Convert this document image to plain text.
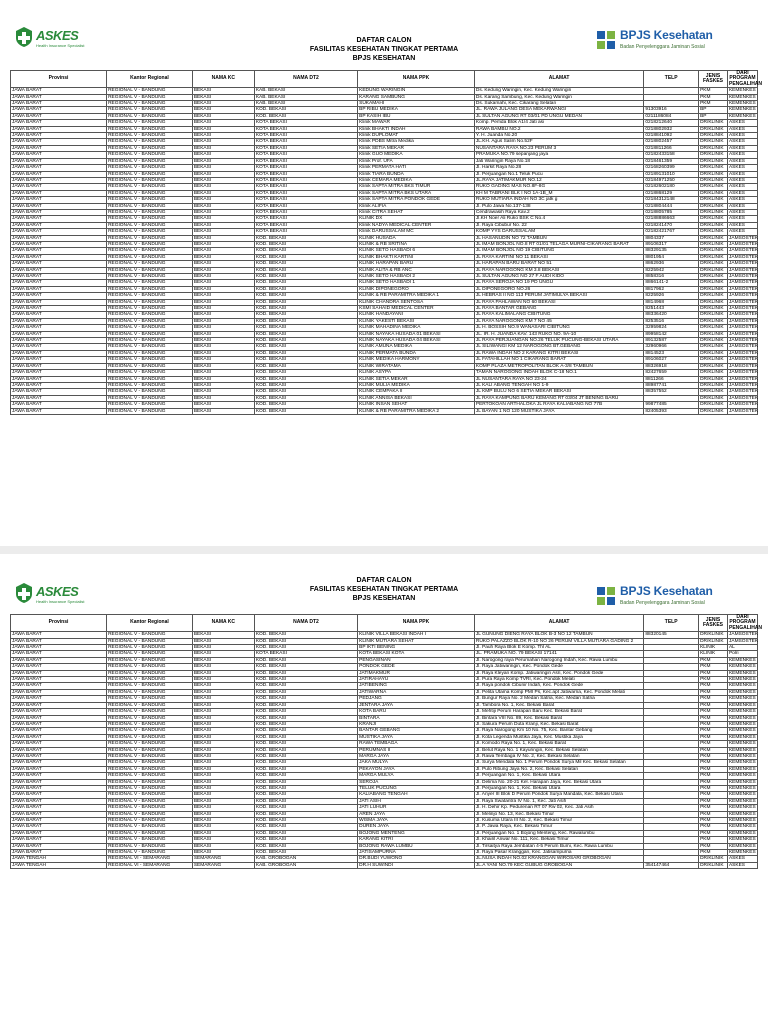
ASKES
Health Insurance Specialist
BPJS Kesehatan
Badan Penyelenggara Jaminan Sosial
DAFTAR CALON
FASILITAS KESEHATAN TINGKAT PERTAMA
BPJS KESEHATAN
Provinsi	Kantor Regional	NAMA KC	NAMA DT2	NAMA PPK	ALAMAT	TELP	JENIS FASKES	DARI PROGRAM PENGALIHAN
JAWA BARAT	REGIONAL V - BANDUNG	BEKASI	KAB. BEKASI	KEDUNG WARINGIN	Ds. Kedung Waringin, Kec. Kedung Waringin		PKM	KEMENKES
JAWA BARAT	REGIONAL V - BANDUNG	BEKASI	KAB. BEKASI	KARANG SAMBUNG	Ds. Karang Sambung, Kec. Kedung Waringin		PKM	KEMENKES
JAWA BARAT	REGIONAL V - BANDUNG	BEKASI	KAB. BEKASI	SUKAMAHI	Ds. Sukamahi, Kec. Cikarang Selatan		PKM	KEMENKES
JAWA BARAT	REGIONAL V - BANDUNG	BEKASI	KOD. BEKASI	BP RIBU MEDIKA	JL. RAWA JULANG DESA MEKARWANGI	91303916	BP	KEMENKES
JAWA BARAT	REGIONAL V - BANDUNG	BEKASI	KOD. BEKASI	BP KASIH IBU	JL SULTAN AGUNG RT 03/01 PD UNGU MEDAN	0211186084	BP	KEMENKES
JAWA BARAT	REGIONAL V - BANDUNG	BEKASI	KOTA BEKASI	Klinik MAWAR	Komp. Pemda Blok A1/4 Jati asi	0218212640	DR/KLINIK	ASKES
JAWA BARAT	REGIONAL V - BANDUNG	BEKASI	KOTA BEKASI	Klinik BHAKTI INDAH	RAWA BAMBU NO.2	0218802932	DR/KLINIK	ASKES
JAWA BARAT	REGIONAL V - BANDUNG	BEKASI	KOTA BEKASI	Klinik DUPLOMAT	Y. H. Juanda No.20	0218841092	DR/KLINIK	ASKES
JAWA BARAT	REGIONAL V - BANDUNG	BEKASI	KOTA BEKASI	Klinik PDBS Mitra Medika	JL.KH. Agus Salim No.52F	0218802457	DR/KLINIK	ASKES
JAWA BARAT	REGIONAL V - BANDUNG	BEKASI	KOTA BEKASI	Klinik SETIA MEKAR	NUSANTARA RAYA NO.23 PERUM 3	0218811266	DR/KLINIK	ASKES
JAWA BARAT	REGIONAL V - BANDUNG	BEKASI	KOTA BEKASI	Klinik GUO MEDIKA	PRAMUKA NO.79 sepanjang jaya	02182433158	DR/KLINIK	ASKES
JAWA BARAT	REGIONAL V - BANDUNG	BEKASI	KOTA BEKASI	Klinik Prof. UFA	Jati Waringin Raya No.18	0218461359	DR/KLINIK	ASKES
JAWA BARAT	REGIONAL V - BANDUNG	BEKASI	KOTA BEKASI	Klinik PERMATA HATI	Jl. Harkit Raya No.28	02168260399	DR/KLINIK	ASKES
JAWA BARAT	REGIONAL V - BANDUNG	BEKASI	KOTA BEKASI	Klinik TIARA BUNDA	Jl. Perjuangan No.1 Teluk Pucu	02189131010	DR/KLINIK	ASKES
JAWA BARAT	REGIONAL V - BANDUNG	BEKASI	KOTA BEKASI	Klinik CEMARA MEDIKA	JL.RAYA JATIMAKMUR NO.12	02184971250	DR/KLINIK	ASKES
JAWA BARAT	REGIONAL V - BANDUNG	BEKASI	KOTA BEKASI	Klinik SAPTA MITRA BKS TIMUR	RUKO GADING MAS NO.8F-8G	02182602180	DR/KLINIK	ASKES
JAWA BARAT	REGIONAL V - BANDUNG	BEKASI	KOTA BEKASI	Klinik SAPTA MITRA BKS UTARA	KH M TABRANI BLK I NO 1A-1B_M	0218868129	DR/KLINIK	ASKES
JAWA BARAT	REGIONAL V - BANDUNG	BEKASI	KOTA BEKASI	Klinik SAPTA MITRA PONDOK GEDE	RUKO MUTIARA INDAH NO 3C jatk g	02184312148	DR/KLINIK	ASKES
JAWA BARAT	REGIONAL V - BANDUNG	BEKASI	KOTA BEKASI	Klinik ALIFIA	Jl. Pulo Jawa No.137-138	0218804444	DR/KLINIK	ASKES
JAWA BARAT	REGIONAL V - BANDUNG	BEKASI	KOTA BEKASI	Klinik CITRA SEHAT	Cendrawasih Raya Kav.2	0218805785	DR/KLINIK	ASKES
JAWA BARAT	REGIONAL V - BANDUNG	BEKASI	KOTA BEKASI	KLINIK DX	Jl.KH Noer Ali Ruko BSK C No.4	02188886663	DR/KLINIK	ASKES
JAWA BARAT	REGIONAL V - BANDUNG	BEKASI	KOTA BEKASI	Klinik NADYA MEDICAL CENTER	Jl. Raya Cibubur No. 22	0218241470	DR/KLINIK	ASKES
JAWA BARAT	REGIONAL V - BANDUNG	BEKASI	KOTA BEKASI	Klinik DARUSSALAM MC	KOMP YYS DARUSSALAM	02182421767	DR/KLINIK	ASKES
JAWA BARAT	REGIONAL V - BANDUNG	BEKASI	KOD. BEKASI	KLINIK HUSADA	JL HASANUDIN NO 72 TAMBUN	8804337	DR/KLINIK	JAMSOSTEK
JAWA BARAT	REGIONAL V - BANDUNG	BEKASI	KOD. BEKASI	KLINIK & RB SRITINA	JL IMAM BONJOL NO.8 RT 01/01 TELAGA MURNI-CIKARANG BARAT	89106317	DR/KLINIK	JAMSOSTEK
JAWA BARAT	REGIONAL V - BANDUNG	BEKASI	KOD. BEKASI	KLINIK SETO HASBADI 6	JL IMAM BONJOL NO 19 CIBITUNG	88329135	DR/KLINIK	JAMSOSTEK
JAWA BARAT	REGIONAL V - BANDUNG	BEKASI	KOD. BEKASI	KLINIK BHAKTI KARTINI	JL RAYA KARTINI NO 11 BEKASI	8801954	DR/KLINIK	JAMSOSTEK
JAWA BARAT	REGIONAL V - BANDUNG	BEKASI	KOD. BEKASI	KLINIK HARAPAN BARU	JL HARAPAN BARU BARAT NO 51	8862936	DR/KLINIK	JAMSOSTEK
JAWA BARAT	REGIONAL V - BANDUNG	BEKASI	KOD. BEKASI	KLINIK ALITA & RB ANC	JL RAYA NAROGONG KM 3.8 BEKASI	8225942	DR/KLINIK	JAMSOSTEK
JAWA BARAT	REGIONAL V - BANDUNG	BEKASI	KOD. BEKASI	KLINIK SETO HASBADI 2	JL SULTAN AGUNG NO 27 F AUDI KIDO	8858316	DR/KLINIK	JAMSOSTEK
JAWA BARAT	REGIONAL V - BANDUNG	BEKASI	KOD. BEKASI	KLINIK SETO HASBADI 1	JL RAYA SEROJA NO 19 PD UNGU	8866141-2	DR/KLINIK	JAMSOSTEK
JAWA BARAT	REGIONAL V - BANDUNG	BEKASI	KOD. BEKASI	KLINIK DIPONEGORO	JL DIPONEGORO NO.26	8817962	DR/KLINIK	JAMSOSTEK
JAWA BARAT	REGIONAL V - BANDUNG	BEKASI	KOD. BEKASI	KLINIK & RB PARAMITRA MEDIKA 1	JL HEBRAS II NO 113 PERUM JATIMULYA BEKASI	8225926	DR/KLINIK	JAMSOSTEK
JAWA BARAT	REGIONAL V - BANDUNG	BEKASI	KOD. BEKASI	KLINIK CHANDRA SENTOSA	JL RAYA PAHLAWAN NO 60 BEKASI	8814968	DR/KLINIK	JAMSOSTEK
JAWA BARAT	REGIONAL V - BANDUNG	BEKASI	KOD. BEKASI	KSMI SAHAID MEDICAL CENTER	JL RAYA BANTAR GEBANG	8251443	DR/KLINIK	JAMSOSTEK
JAWA BARAT	REGIONAL V - BANDUNG	BEKASI	KOD. BEKASI	KLINIK HANDAYANI	JL RAYA KALIMALANG CIBITUNG	88336420	DR/KLINIK	JAMSOSTEK
JAWA BARAT	REGIONAL V - BANDUNG	BEKASI	KOD. BEKASI	KLINIK YAKESTI BEKASI	JL RAYA NAROGONG KM 7 NO 45	8253516	DR/KLINIK	JAMSOSTEK
JAWA BARAT	REGIONAL V - BANDUNG	BEKASI	KOD. BEKASI	KLINIK MAHADINA MEDIKA	JL H. BOSSIH NO.9 WANASARI CIBITUNG	32959824	DR/KLINIK	JAMSOSTEK
JAWA BARAT	REGIONAL V - BANDUNG	BEKASI	KOD. BEKASI	KLINIK NAYAKA HUSADA 01 BEKASI	JL. IR. H. JUANDA KAV. 143 RUKO NO. 9A-10	89958142	DR/KLINIK	JAMSOSTEK
JAWA BARAT	REGIONAL V - BANDUNG	BEKASI	KOD. BEKASI	KLINIK NAYAKA HUSADA 04 BEKASI	JL RAYA PERJUANGAN NO.26 TELUK PUCUNG-BEKASI UTARA	89132587	DR/KLINIK	JAMSOSTEK
JAWA BARAT	REGIONAL V - BANDUNG	BEKASI	KOD. BEKASI	KLINIK AMUNA MEDIKA	JL SILIWANGI KM 12 NAROGONG BT.GEBANG	32960966	DR/KLINIK	JAMSOSTEK
JAWA BARAT	REGIONAL V - BANDUNG	BEKASI	KOD. BEKASI	KLINIK PERMATA BUNDA	JL RAWA INDAH NO 2 KARANG KITRI BEKASI	8814523	DR/KLINIK	JAMSOSTEK
JAWA BARAT	REGIONAL V - BANDUNG	BEKASI	KOD. BEKASI	KLINIK MEDIKA HARMONY	JL FATAHILLAH NO 1 CIKARANG BARAT	89106027	DR/KLINIK	JAMSOSTEK
JAWA BARAT	REGIONAL V - BANDUNG	BEKASI	KOD. BEKASI	KLINIK WIRATAMA	KOMP PLAZA METROPOLITAN BLOK A-3/8 TAMBUN	88326918	DR/KLINIK	JAMSOSTEK
JAWA BARAT	REGIONAL V - BANDUNG	BEKASI	KOD. BEKASI	KLINIK ASYPA	TAMAN NAROGONG INDAH BLOK C-18 NO.1	82427659	DR/KLINIK	JAMSOSTEK
JAWA BARAT	REGIONAL V - BANDUNG	BEKASI	KOD. BEKASI	KLINIK SETIA MEKAR	JL NUSANTARA RAYA NO 23-24	8811266	DR/KLINIK	JAMSOSTEK
JAWA BARAT	REGIONAL V - BANDUNG	BEKASI	KOD. BEKASI	KLINIK MULIA MEDIKA	JL KALI ABANG TENGAH NO 1-9	88987741	DR/KLINIK	JAMSOSTEK
JAWA BARAT	REGIONAL V - BANDUNG	BEKASI	KOD. BEKASI	KLINIK CEMPAKA II	JL KMP BULU NO 6 SETIA MEKAR BEKASI	88357552	DR/KLINIK	JAMSOSTEK
JAWA BARAT	REGIONAL V - BANDUNG	BEKASI	KOD. BEKASI	KLINIK ANNISA BEKASI	JL RAYA KAMPUNG BARU KEMANG RT 03/04 JT BENING BARU		DR/KLINIK	JAMSOSTEK
JAWA BARAT	REGIONAL V - BANDUNG	BEKASI	KOD. BEKASI	KLINIK INSAN SEHAT	PERTOKOAN ARTHALOKA JL RAYA KALIABANG NO 77B	99877485	DR/KLINIK	JAMSOSTEK
JAWA BARAT	REGIONAL V - BANDUNG	BEKASI	KOD. BEKASI	KLINIK & RB PARAMITRA MEDIKA 2	JL BAYAN 1 NO 120 MUSTIKA JAYA	82405393	DR/KLINIK	JAMSOSTEK
ASKES
Health Insurance Specialist
BPJS Kesehatan
Badan Penyelenggara Jaminan Sosial
DAFTAR CALON
FASILITAS KESEHATAN TINGKAT PERTAMA
BPJS KESEHATAN
Provinsi	Kantor Regional	NAMA KC	NAMA DT2	NAMA PPK	ALAMAT	TELP	JENIS FASKES	DARI PROGRAM PENGALIHAN
JAWA BARAT	REGIONAL V - BANDUNG	BEKASI	KOD. BEKASI	KLINIK VILLA BEKASI INDAH I	JL GUNUNG DIENG RAYA BLOK B-3 NO 12 TAMBUN	88320145	DR/KLINIK	JAMSOSTEK
JAWA BARAT	REGIONAL V - BANDUNG	BEKASI	KOD. BEKASI	KLINIK MUTIARA SEHAT	RUKO PALAZZO BLOK R-10 NO 26 PERUM VILLA MUTIARA GADING 2		DR/KLINIK	JAMSOSTEK
JAWA BARAT	REGIONAL V - BANDUNG	BEKASI	KOD. BEKASI	BP IKTI BENING	Jl. Pauh Raya Blok E Komp. Thl AL		KLINIK	AL
JAWA BARAT	REGIONAL V - BANDUNG	BEKASI	KOTA BEKASI	KOTA BEKASI KOTA	JL. PRAMUKA NO. 79 BEKASI 17141		KLINIK	Polri
JAWA BARAT	REGIONAL V - BANDUNG	BEKASI	KOD. BEKASI	PENGASINAN	Jl. Narogong raya Perumahan Narogong Indah, Kec. Rawa Lumbu		PKM	KEMENKES
JAWA BARAT	REGIONAL V - BANDUNG	BEKASI	KOD. BEKASI	PONDOK GEDE	Jl. Raya Jatiwaringin, Kec. Pondok Gede		PKM	KEMENKES
JAWA BARAT	REGIONAL V - BANDUNG	BEKASI	KOD. BEKASI	JATIMAKMUR	Jl. Raya Kleyan Komp. Jatiwaringin Asri, Kec. Pondok Gede		PKM	KEMENKES
JAWA BARAT	REGIONAL V - BANDUNG	BEKASI	KOD. BEKASI	JATIRAHAYU	Jl. Pura Raya Komp TVRI, Kec. Pondok Melati		PKM	KEMENKES
JAWA BARAT	REGIONAL V - BANDUNG	BEKASI	KOD. BEKASI	JATIBENING	Jl. Raya pondok Cibunir Indah, Kec. Pondok Gede		PKM	KEMENKES
JAWA BARAT	REGIONAL V - BANDUNG	BEKASI	KOD. BEKASI	JATIWARNA	Jl. Pelita Utama Komp PMI Ps, Kec.apt Jatiwarna, Kec. Pondok Melati		PKM	KEMENKES
JAWA BARAT	REGIONAL V - BANDUNG	BEKASI	KOD. BEKASI	PEDJANG	Jl. Bungur Raya No. 2 Medan Satria, Kec. Medan Satria		PKM	KEMENKES
JAWA BARAT	REGIONAL V - BANDUNG	BEKASI	KOD. BEKASI	JENTARA JAYA	Jl. Tambora No. 1, Kec. Bekasi Barat		PKM	KEMENKES
JAWA BARAT	REGIONAL V - BANDUNG	BEKASI	KOD. BEKASI	KOTA BARU	Jl. Mehtiji Perum Harapan Baru Kec. Bekasi Barat		PKM	KEMENKES
JAWA BARAT	REGIONAL V - BANDUNG	BEKASI	KOD. BEKASI	BINTARA	Jl. Bintara VIII No. 89, Kec. Bekasi Barat		PKM	KEMENKES
JAWA BARAT	REGIONAL V - BANDUNG	BEKASI	KOD. BEKASI	KRANJI	Jl. Sakura Perum Duta Kranji, Kec. Bekasi Barat		PKM	KEMENKES
JAWA BARAT	REGIONAL V - BANDUNG	BEKASI	KOD. BEKASI	BANTAR GEBANG	Jl. Raya Narogong Km 10 No. 75, Kec. Bantar Gebang		PKM	KEMENKES
JAWA BARAT	REGIONAL V - BANDUNG	BEKASI	KOD. BEKASI	MUSTIKA JAYA	Jl. Kota Legenda Mustika Jaya, Kec. Mustika Jaya		PKM	KEMENKES
JAWA BARAT	REGIONAL V - BANDUNG	BEKASI	KOD. BEKASI	RAWA TEMBAGA	Jl. Komodo Raya No. 1, Kec. Bekasi Barat		PKM	KEMENKES
JAWA BARAT	REGIONAL V - BANDUNG	BEKASI	KOD. BEKASI	PERUMNAS II	Jl. Belut Raya No. 1 Kayuringin, Kec. Bekasi Selatan		PKM	KEMENKES
JAWA BARAT	REGIONAL V - BANDUNG	BEKASI	KOD. BEKASI	MARGA JAYA	Jl. Rawa Tembaga IV No. 2, Kec. Bekasi Selatan		PKM	KEMENKES
JAWA BARAT	REGIONAL V - BANDUNG	BEKASI	KOD. BEKASI	JAKA MULYA	Jl. Surya Mendala No. 1 Perum Pondok Surya Mil Kec. Bekasi Selatan		PKM	KEMENKES
JAWA BARAT	REGIONAL V - BANDUNG	BEKASI	KOD. BEKASI	PEKAYON JAYA	Jl. Pulo Ribung Jaya No. 2, Kec. Bekasi Selatan		PKM	KEMENKES
JAWA BARAT	REGIONAL V - BANDUNG	BEKASI	KOD. BEKASI	MARGA MULYA	Jl. Perjuangan No. 1, Kec. Bekasi Utara		PKM	KEMENKES
JAWA BARAT	REGIONAL V - BANDUNG	BEKASI	KOD. BEKASI	SEROJA	Jl. Delima No. 20-21 Kel. Harapan Jaya, Kec. Bekasi Utara		PKM	KEMENKES
JAWA BARAT	REGIONAL V - BANDUNG	BEKASI	KOD. BEKASI	TELUK PUCUNG	Jl. Perjuangan No. 1, Kec. Bekasi Utara		PKM	KEMENKES
JAWA BARAT	REGIONAL V - BANDUNG	BEKASI	KOD. BEKASI	KALIABANG TENGAH	Jl. Anyer III Blok D Perum Pondok Surya Mandala, Kec. Bekasi Utara		PKM	KEMENKES
JAWA BARAT	REGIONAL V - BANDUNG	BEKASI	KOD. BEKASI	JATI ASIH	Jl. Raya Swatantra IV No. 1, Kec. Jati Asih		PKM	KEMENKES
JAWA BARAT	REGIONAL V - BANDUNG	BEKASI	KOD. BEKASI	JATI LUHUR	Jl. H. Dehir Kp. Pedurenan RT 07 Rw 02, Kec. Jati Asih		PKM	KEMENKES
JAWA BARAT	REGIONAL V - BANDUNG	BEKASI	KOD. BEKASI	AREN JAYA	Jl. Melinjo No. 13, Kec. Bekasi Timur		PKM	KEMENKES
JAWA BARAT	REGIONAL V - BANDUNG	BEKASI	KOD. BEKASI	WISMA JAYA	Jl. Kusuma Utara III No. 2, Kec. Bekasi Timur		PKM	KEMENKES
JAWA BARAT	REGIONAL V - BANDUNG	BEKASI	KOD. BEKASI	DUREN JAYA	Jl. P. Jawa Raya, Kec. Bekasi Timur		PKM	KEMENKES
JAWA BARAT	REGIONAL V - BANDUNG	BEKASI	KOD. BEKASI	BOJONG MENTENG	Jl. Perjuangan No. 1 Bojong Menteng, Kec. Rawalumbu		PKM	KEMENKES
JAWA BARAT	REGIONAL V - BANDUNG	BEKASI	KOD. BEKASI	KARANG KITRI	Jl. Khairil Anwar No. 111, Kec. Bekasi Timur		PKM	KEMENKES
JAWA BARAT	REGIONAL V - BANDUNG	BEKASI	KOD. BEKASI	BOJONG RAWA LUMBU	Jl. Tirsaitya Raya Jembatan 4-5 Perum Bumi, Kec. Rawa Lumbu		PKM	KEMENKES
JAWA BARAT	REGIONAL V - BANDUNG	BEKASI	KOD. BEKASI	JATISAMPURNA	Jl. Raya Pasar Kranggan, Kec. Jatisampurna		PKM	KEMENKES
JAWA TENGAH	REGIONAL VI - SEMARANG	SEMARANG	KAB. GROBOGAN	DR.BUDI YUWONO	JL.NUSA INDAH NO.02 KRANGGAN WIROSARI GROBOGAN		DR/KLINIK	ASKES
JAWA TENGAH	REGIONAL VI - SEMARANG	SEMARANG	KAB. GROBOGAN	DR.H SUWINDI	JL.A YANI NO.79 KEC GUBUG GROBOGAN	354147464	DR/KLINIK	ASKES
